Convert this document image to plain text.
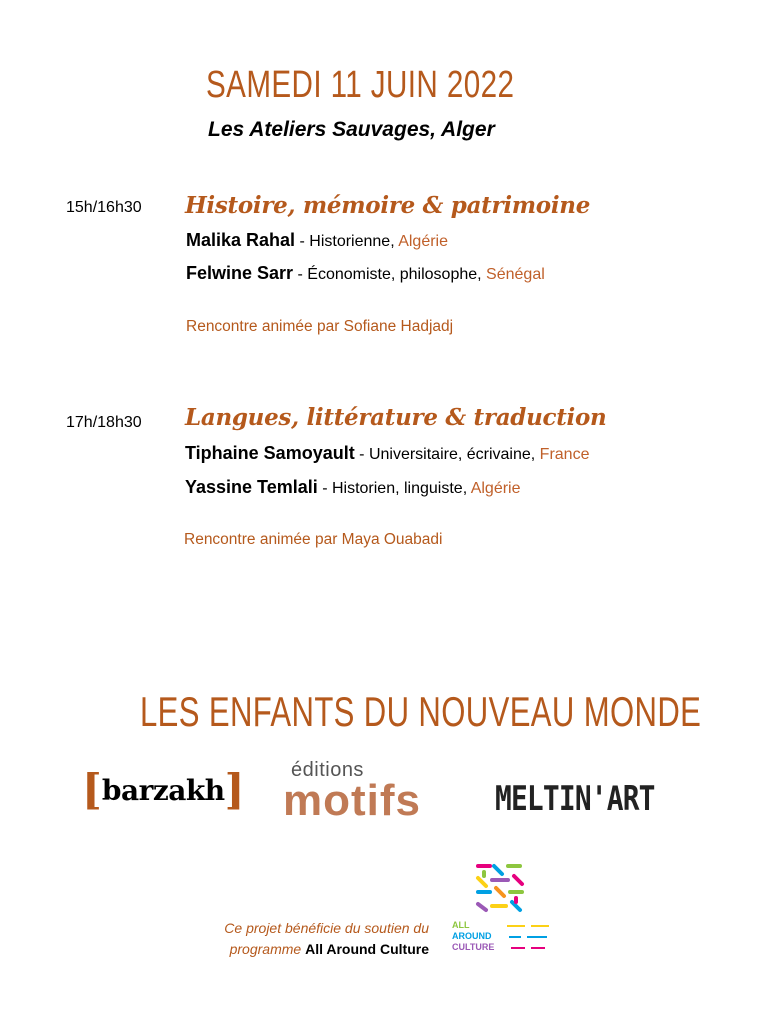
SAMEDI 11 JUIN 2022
Les Ateliers Sauvages, Alger
15h/16h30 Histoire, mémoire & patrimoine
Malika Rahal - Historienne, Algérie
Felwine Sarr - Économiste, philosophe, Sénégal
Rencontre animée par Sofiane Hadjadj
17h/18h30 Langues, littérature & traduction
Tiphaine Samoyault - Universitaire, écrivaine, France
Yassine Temlali - Historien, linguiste, Algérie
Rencontre animée par Maya Ouabadi
LES ENFANTS DU NOUVEAU MONDE
[barzakh] éditions
motifs MELTIN'ART
ALL
AROUND
CULTURE
Ce projet bénéficie du soutien du
programme All Around Culture
